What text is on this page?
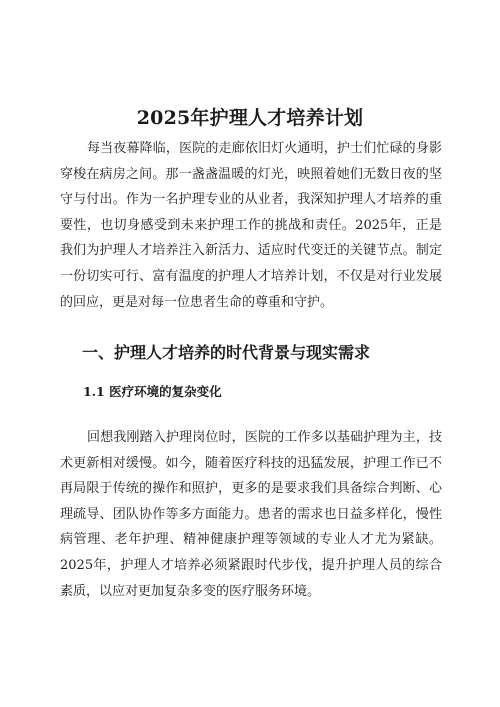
2025年护理人才培养计划

每当夜幕降临，医院的走廊依旧灯火通明，护士们忙碌的身影穿梭在病房之间。那一盏盏温暖的灯光，映照着她们无数日夜的坚守与付出。作为一名护理专业的从业者，我深知护理人才培养的重要性，也切身感受到未来护理工作的挑战和责任。2025年，正是我们为护理人才培养注入新活力、适应时代变迁的关键节点。制定一份切实可行、富有温度的护理人才培养计划，不仅是对行业发展的回应，更是对每一位患者生命的尊重和守护。

一、护理人才培养的时代背景与现实需求
1.1 医疗环境的复杂变化

回想我刚踏入护理岗位时，医院的工作多以基础护理为主，技术更新相对缓慢。如今，随着医疗科技的迅猛发展，护理工作已不再局限于传统的操作和照护，更多的是要求我们具备综合判断、心理疏导、团队协作等多方面能力。患者的需求也日益多样化，慢性病管理、老年护理、精神健康护理等领域的专业人才尤为紧缺。2025年，护理人才培养必须紧跟时代步伐，提升护理人员的综合素质，以应对更加复杂多变的医疗服务环境。
